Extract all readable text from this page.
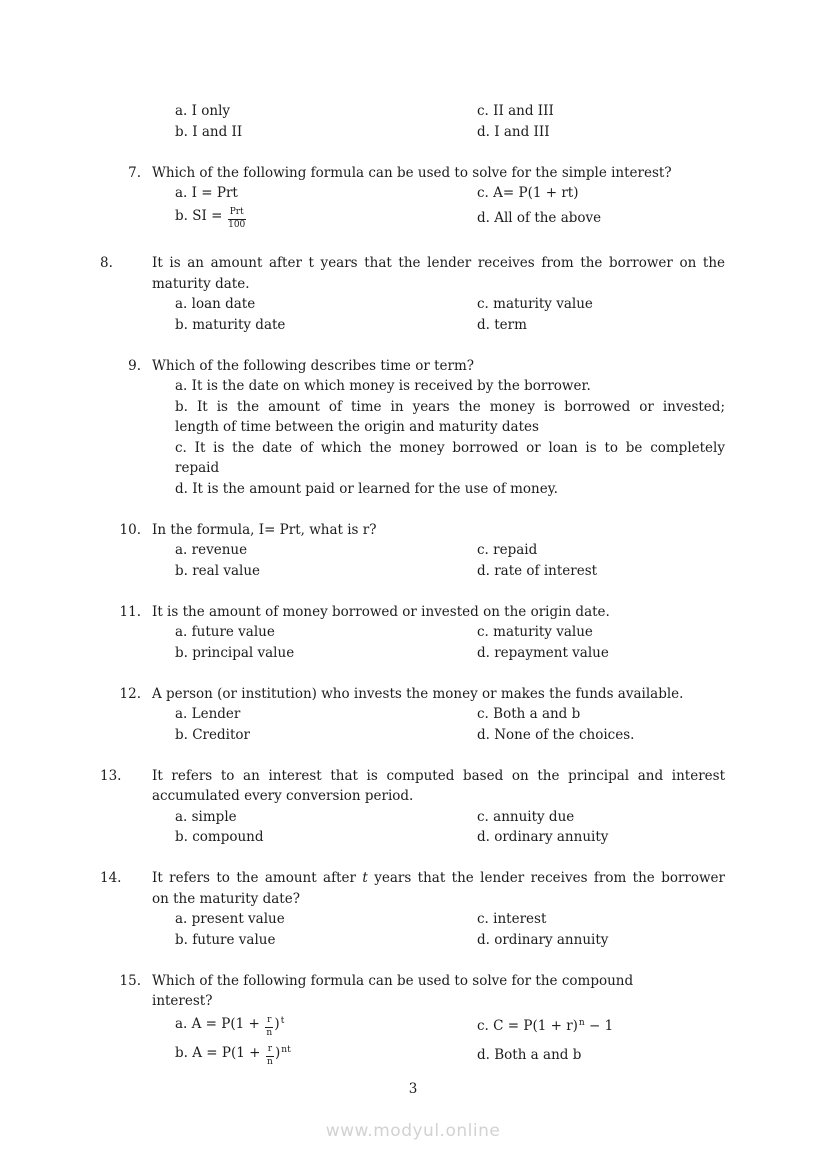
a. I only	c. II and III
b. I and II	d. I and III
7. Which of the following formula can be used to solve for the simple interest?
a. I = Prt	c. A= P(1 + rt)
b. SI = $\frac{\text{Prt}}{100}$	d. All of the above
8.	It is an amount after t years that the lender receives from the borrower on the
maturity date.
a. loan date	c. maturity value
b. maturity date	d. term
9. Which of the following describes time or term?
a. It is the date on which money is received by the borrower.
b. It is the amount of time in years the money is borrowed or invested;
length of time between the origin and maturity dates
c. It is the date of which the money borrowed or loan is to be completely
repaid
d. It is the amount paid or learned for the use of money.
10. In the formula, I= Prt, what is r?
a. revenue	c. repaid
b. real value	d. rate of interest
11. It is the amount of money borrowed or invested on the origin date.
a. future value	c. maturity value
b. principal value	d. repayment value
12. A person (or institution) who invests the money or makes the funds available.
a. Lender	c. Both a and b
b. Creditor	d. None of the choices.
13.	It refers to an interest that is computed based on the principal and interest
accumulated every conversion period.
a. simple	c. annuity due
b. compound	d. ordinary annuity
14.	It refers to the amount after t years that the lender receives from the borrower
on the maturity date?
a. present value	c. interest
b. future value	d. ordinary annuity
15. Which of the following formula can be used to solve for the compound
interest?
a. $A = P(1 + \frac{r}{n} )^t$	c. $C = P(1 + r)^n - 1$
b. $A = P(1 + \frac{r}{n} )^{nt}$	d. Both a and b
3
www.modyul.online
